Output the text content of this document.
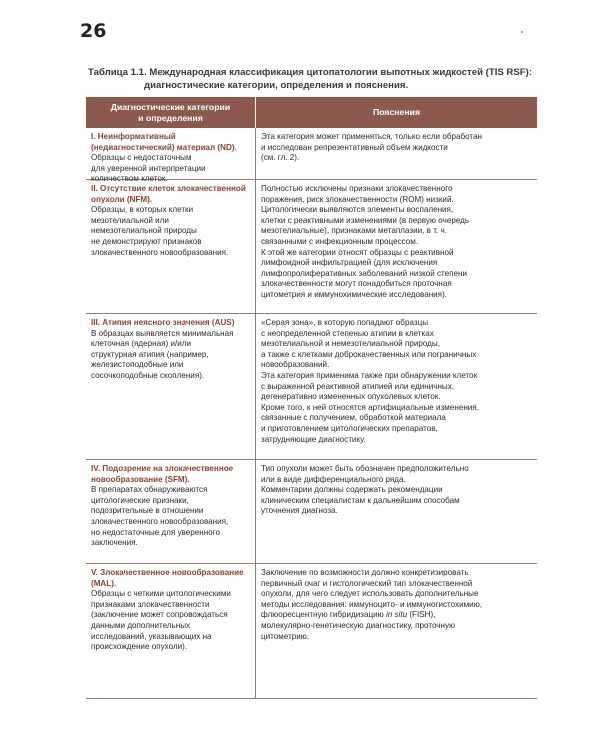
26
Таблица 1.1. Международная классификация цитопатологии выпотных жидкостей (TIS RSF):
диагностические категории, определения и пояснения.
Диагностические категории
и определения
Пояснения
I. Неинформативный
(недиагностический) материал (ND).
Образцы с недостаточным
для уверенной интерпретации
количеством клеток.
Эта категория может применяться, только если обработан
и исследован репрезентативный объем жидкости
(см. гл. 2).
II. Отсутствие клеток злокачественной
опухоли (NFM).
Образцы, в которых клетки
мезотелиальной или
немезотелиальной природы
не демонстрируют признаков
злокачественного новообразования.
Полностью исключены признаки злокачественного
поражения, риск злокачественности (ROM) низкий.
Цитологически выявляются элементы воспаления,
клетки с реактивными изменениями (в первую очередь
мезотелиальные), признаками метаплазии, в т. ч.
связанными с инфекционным процессом.
К этой же категории относят образцы с реактивной
лимфоидной инфильтрацией (для исключения
лимфопролиферативных заболеваний низкой степени
злокачественности могут понадобиться проточная
цитометрия и иммунохимические исследования).
III. Атипия неясного значения (AUS)
В образцах выявляется минимальная
клеточная (ядерная) и/или
структурная атипия (например,
железистоподобные или
сосочкоподобные скопления).
«Серая зона», в которую попадают образцы
с неопределенной степенью атипии в клетках
мезотелиальной и немезотелиальной природы,
а также с клетками доброкачественных или пограничных
новообразований.
Эта категория применима также при обнаружении клеток
с выраженной реактивной атипией или единичных,
дегенеративно измененных опухолевых клеток.
Кроме того, к ней относятся артифициальные изменения,
связанные с получением, обработкой материала
и приготовлением цитологических препаратов,
затрудняющие диагностику.
IV. Подозрение на злокачественное
новообразование (SFM).
В препаратах обнаруживаются
цитологические признаки,
подозрительные в отношении
злокачественного новообразования,
но недостаточные для уверенного
заключения.
Тип опухоли может быть обозначен предположительно
или в виде дифференциального ряда.
Комментарии должны содержать рекомендации
клиническим специалистам к дальнейшим способам
уточнения диагноза.
V. Злокачественное новообразование
(MAL).
Образцы с четкими цитологическими
признаками злокачественности
(заключение может сопровождаться
данными дополнительных
исследований, указывающих на
происхождение опухоли).
Заключение по возможности должно конкретизировать
первичный очаг и гистологический тип злокачественной
опухоли, для чего следует использовать дополнительные
методы исследования: иммуноцито- и иммуногистохимию,
флюоресцентную гибридизацию in situ (FISH),
молекулярно-генетическую диагностику, проточную
цитометрию.
